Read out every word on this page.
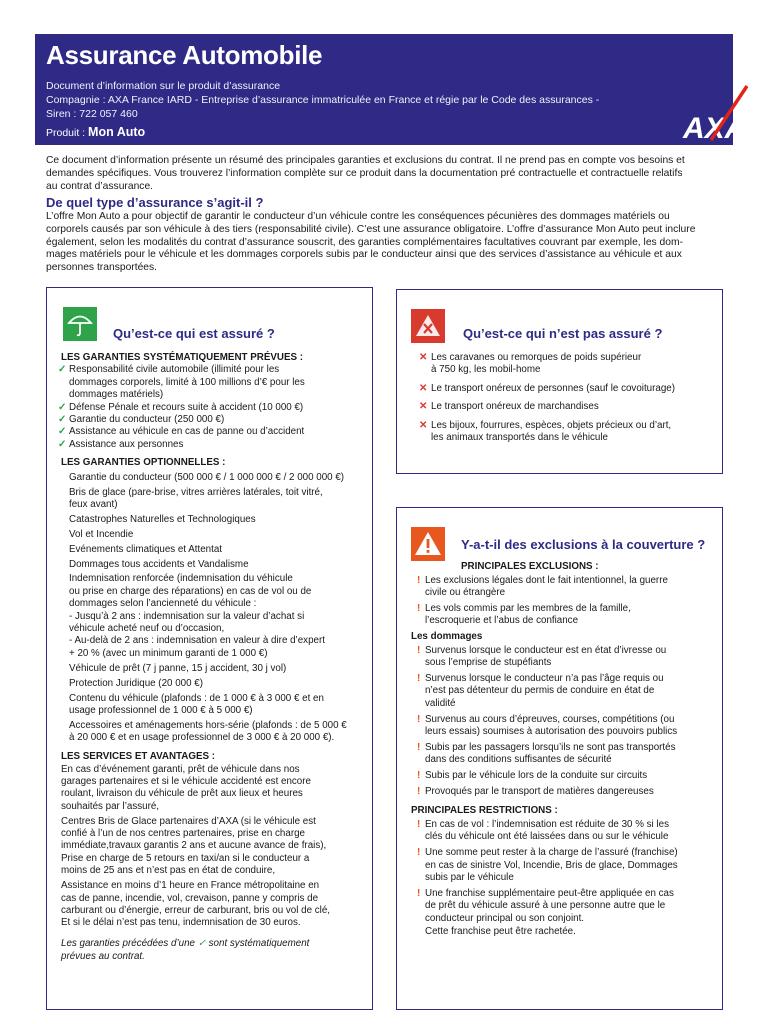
Assurance Automobile
Document d’information sur le produit d’assurance
Compagnie : AXA France IARD - Entreprise d’assurance immatriculée en France et régie par le Code des assurances -
Siren : 722 057 460
Produit : Mon Auto	AXA
Ce document d’information présente un résumé des principales garanties et exclusions du contrat. Il ne prend pas en compte vos besoins et
demandes spécifiques. Vous trouverez l’information complète sur ce produit dans la documentation pré contractuelle et contractuelle relatifs
au contrat d’assurance.
De quel type d’assurance s’agit-il ?
L’offre Mon Auto a pour objectif de garantir le conducteur d’un véhicule contre les conséquences pécunières des dommages matériels ou
corporels causés par son véhicule à des tiers (responsabilité civile). C’est une assurance obligatoire. L’offre d’assurance Mon Auto peut inclure
également, selon les modalités du contrat d’assurance souscrit, des garanties complémentaires facultatives couvrant par exemple, les dom-
mages matériels pour le véhicule et les dommages corporels subis par le conducteur ainsi que des services d’assistance au véhicule et aux
personnes transportées.
Qu’est-ce qui est assuré ?
LES GARANTIES SYSTÉMATIQUEMENT PRÉVUES :
✓ Responsabilité civile automobile (illimité pour les
dommages corporels, limité à 100 millions d’€ pour les
dommages matériels)
✓ Défense Pénale et recours suite à accident (10 000 €)
✓ Garantie du conducteur (250 000 €)
✓ Assistance au véhicule en cas de panne ou d’accident
✓ Assistance aux personnes
LES GARANTIES OPTIONNELLES :
Garantie du conducteur (500 000 € / 1 000 000 € / 2 000 000 €)
Bris de glace (pare-brise, vitres arrières latérales, toit vitré,
feux avant)
Catastrophes Naturelles et Technologiques
Vol et Incendie
Evénements climatiques et Attentat
Dommages tous accidents et Vandalisme
Indemnisation renforcée (indemnisation du véhicule
ou prise en charge des réparations) en cas de vol ou de
dommages selon l’ancienneté du véhicule :
- Jusqu’à 2 ans : indemnisation sur la valeur d’achat si
véhicule acheté neuf ou d’occasion,
- Au-delà de 2 ans : indemnisation en valeur à dire d’expert
+ 20 % (avec un minimum garanti de 1 000 €)
Véhicule de prêt (7 j panne, 15 j accident, 30 j vol)
Protection Juridique (20 000 €)
Contenu du véhicule (plafonds : de 1 000 € à 3 000 € et en
usage professionnel de 1 000 € à 5 000 €)
Accessoires et aménagements hors-série (plafonds : de 5 000 €
à 20 000 € et en usage professionnel de 3 000 € à 20 000 €).
LES SERVICES ET AVANTAGES :
En cas d’événement garanti, prêt de véhicule dans nos
garages partenaires et si le véhicule accidenté est encore
roulant, livraison du véhicule de prêt aux lieux et heures
souhaités par l’assuré,
Centres Bris de Glace partenaires d’AXA (si le véhicule est
confié à l’un de nos centres partenaires, prise en charge
immédiate,travaux garantis 2 ans et aucune avance de frais),
Prise en charge de 5 retours en taxi/an si le conducteur a
moins de 25 ans et n’est pas en état de conduire,
Assistance en moins d’1 heure en France métropolitaine en
cas de panne, incendie, vol, crevaison, panne y compris de
carburant ou d’énergie, erreur de carburant, bris ou vol de clé,
Et si le délai n’est pas tenu, indemnisation de 30 euros.
Les garanties précédées d’une ✓ sont systématiquement
prévues au contrat.
Qu’est-ce qui n’est pas assuré ?
✕ Les caravanes ou remorques de poids supérieur
à 750 kg, les mobil-home
✕ Le transport onéreux de personnes (sauf le covoiturage)
✕ Le transport onéreux de marchandises
✕ Les bijoux, fourrures, espèces, objets précieux ou d’art,
les animaux transportés dans le véhicule
Y-a-t-il des exclusions à la couverture ?
PRINCIPALES EXCLUSIONS :
! Les exclusions légales dont le fait intentionnel, la guerre
civile ou étrangère
! Les vols commis par les membres de la famille,
l’escroquerie et l’abus de confiance
Les dommages
! Survenus lorsque le conducteur est en état d’ivresse ou
sous l’emprise de stupéfiants
! Survenus lorsque le conducteur n’a pas l’âge requis ou
n’est pas détenteur du permis de conduire en état de
validité
! Survenus au cours d’épreuves, courses, compétitions (ou
leurs essais) soumises à autorisation des pouvoirs publics
! Subis par les passagers lorsqu’ils ne sont pas transportés
dans des conditions suffisantes de sécurité
! Subis par le véhicule lors de la conduite sur circuits
! Provoqués par le transport de matières dangereuses
PRINCIPALES RESTRICTIONS :
! En cas de vol : l’indemnisation est réduite de 30 % si les
clés du véhicule ont été laissées dans ou sur le véhicule
! Une somme peut rester à la charge de l’assuré (franchise)
en cas de sinistre Vol, Incendie, Bris de glace, Dommages
subis par le véhicule
! Une franchise supplémentaire peut-être appliquée en cas
de prêt du véhicule assuré à une personne autre que le
conducteur principal ou son conjoint.
Cette franchise peut être rachetée.
